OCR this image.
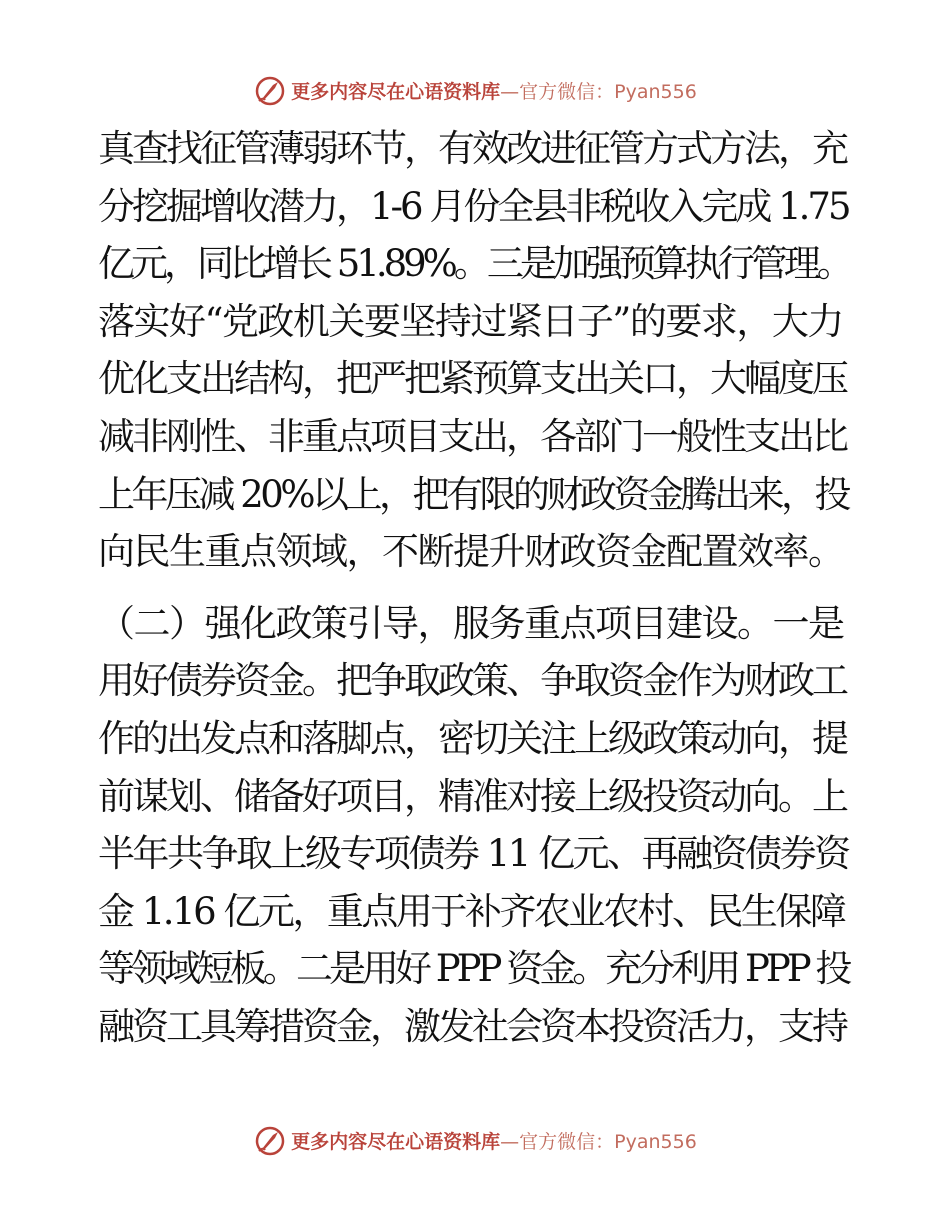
更多内容尽在心语资料库—官方微信：Pyan556

真查找征管薄弱环节，有效改进征管方式方法，充
分挖掘增收潜力，1-6 月份全县非税收入完成 1.75
亿元，同比增长 51.89%。三是加强预算执行管理。
落实好“党政机关要坚持过紧日子”的要求，大力
优化支出结构，把严把紧预算支出关口，大幅度压
减非刚性、非重点项目支出，各部门一般性支出比
上年压减 20%以上，把有限的财政资金腾出来，投
向民生重点领域，不断提升财政资金配置效率。

（二）强化政策引导，服务重点项目建设。一是
用好债券资金。把争取政策、争取资金作为财政工
作的出发点和落脚点，密切关注上级政策动向，提
前谋划、储备好项目，精准对接上级投资动向。上
半年共争取上级专项债券 11 亿元、再融资债券资
金 1.16 亿元，重点用于补齐农业农村、民生保障
等领域短板。二是用好 PPP 资金。充分利用 PPP 投
融资工具筹措资金，激发社会资本投资活力，支持

更多内容尽在心语资料库—官方微信：Pyan556
